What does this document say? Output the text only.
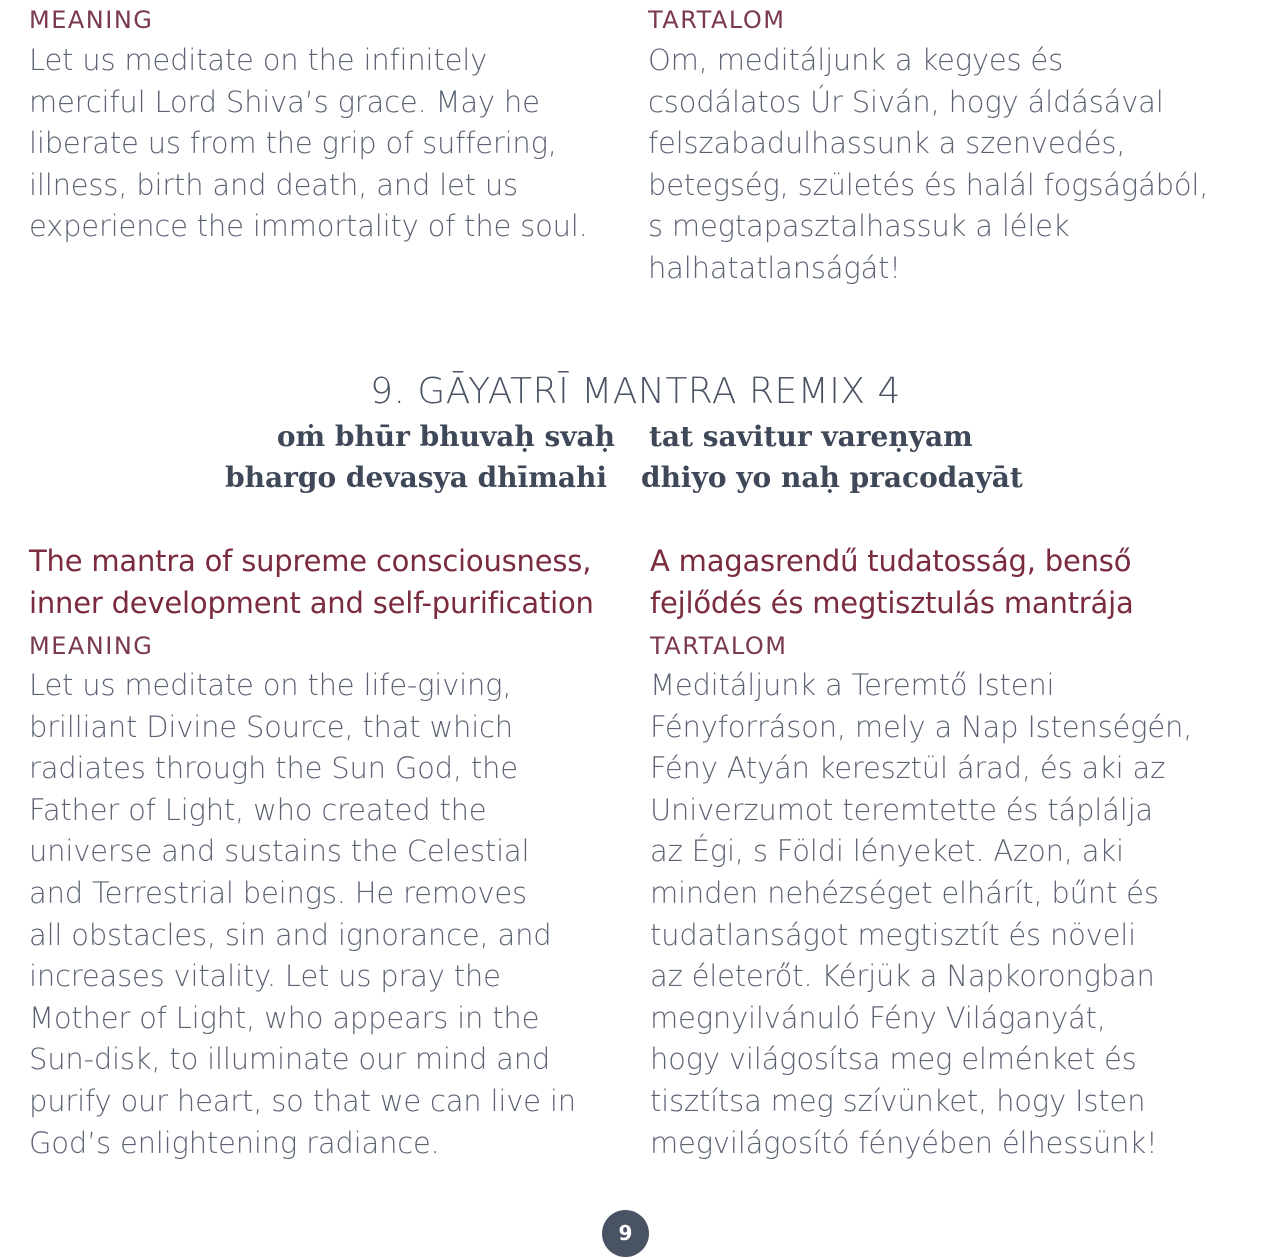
MEANING
Let us meditate on the infinitely
merciful Lord Shiva’s grace. May he
liberate us from the grip of suffering,
illness, birth and death, and let us
experience the immortality of the soul.
TARTALOM
Om, meditáljunk a kegyes és
csodálatos Úr Siván, hogy áldásával
felszabadulhassunk a szenvedés,
betegség, születés és halál fogságából,
s megtapasztalhassuk a lélek
halhatatlanságát!
9. GĀYATRĪ MANTRA REMIX 4
oṁ bhūr bhuvaḥ svaḥ tat savitur vareṇyam
bhargo devasya dhīmahi dhiyo yo naḥ pracodayāt
The mantra of supreme consciousness,
inner development and self-purification
MEANING
Let us meditate on the life-giving,
brilliant Divine Source, that which
radiates through the Sun God, the
Father of Light, who created the
universe and sustains the Celestial
and Terrestrial beings. He removes
all obstacles, sin and ignorance, and
increases vitality. Let us pray the
Mother of Light, who appears in the
Sun-disk, to illuminate our mind and
purify our heart, so that we can live in
God’s enlightening radiance.
A magasrendű tudatosság, benső
fejlődés és megtisztulás mantrája
TARTALOM
Meditáljunk a Teremtő Isteni
Fényforráson, mely a Nap Istenségén,
Fény Atyán keresztül árad, és aki az
Univerzumot teremtette és táplálja
az Égi, s Földi lényeket. Azon, aki
minden nehézséget elhárít, bűnt és
tudatlanságot megtisztít és növeli
az életerőt. Kérjük a Napkorongban
megnyilvánuló Fény Világanyát,
hogy világosítsa meg elménket és
tisztítsa meg szívünket, hogy Isten
megvilágosító fényében élhessünk!
9
